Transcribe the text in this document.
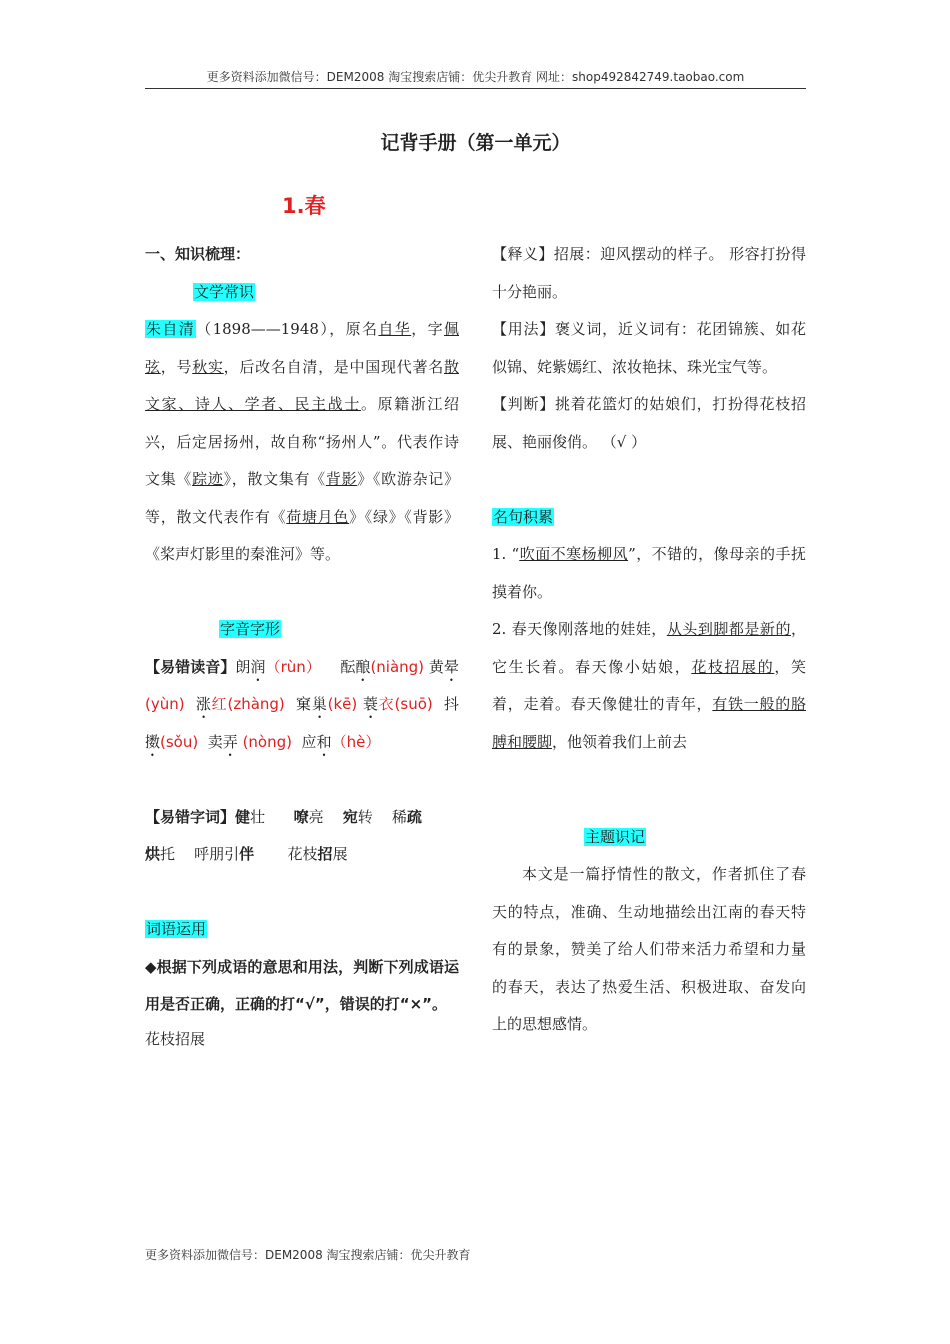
更多资料添加微信号：DEM2008 淘宝搜索店铺：优尖升教育 网址：shop492842749.taobao.com
记背手册（第一单元）
1.春

一、知识梳理：

文学常识

朱自清（1898——1948），原名自华，字佩弦，号秋实，后改名自清，是中国现代著名散文家、诗人、学者、民主战士。原籍浙江绍兴，后定居扬州，故自称“扬州人”。代表作诗文集《踪迹》，散文集有《背影》《欧游杂记》等，散文代表作有《荷塘月色》《绿》《背影》《桨声灯影里的秦淮河》等。

字音字形

【易错读音】朗润（rùn） 酝酿(niàng) 黄晕 (yùn) 涨红(zhàng) 窠巢(kē) 蓑衣(suō) 抖擞(sǒu) 卖弄 (nòng) 应和（hè）

【易错字词】健壮 嘹亮 宛转 稀疏
烘托 呼朋引伴 花枝招展

词语运用

◆根据下列成语的意思和用法，判断下列成语运用是否正确，正确的打“√”，错误的打“×”。

花枝招展

【释义】招展：迎风摆动的样子。 形容打扮得十分艳丽。

【用法】褒义词，近义词有：花团锦簇、如花似锦、姹紫嫣红、浓妆艳抹、珠光宝气等。

【判断】挑着花篮灯的姑娘们，打扮得花枝招展、艳丽俊俏。 （√ ）

名句积累

1. “吹面不寒杨柳风”，不错的，像母亲的手抚摸着你。

2. 春天像刚落地的娃娃，从头到脚都是新的，它生长着。春天像小姑娘，花枝招展的，笑着，走着。春天像健壮的青年，有铁一般的胳膊和腰脚，他领着我们上前去

主题识记

本文是一篇抒情性的散文，作者抓住了春天的特点，准确、生动地描绘出江南的春天特有的景象，赞美了给人们带来活力希望和力量的春天，表达了热爱生活、积极进取、奋发向上的思想感情。

更多资料添加微信号：DEM2008 淘宝搜索店铺：优尖升教育
